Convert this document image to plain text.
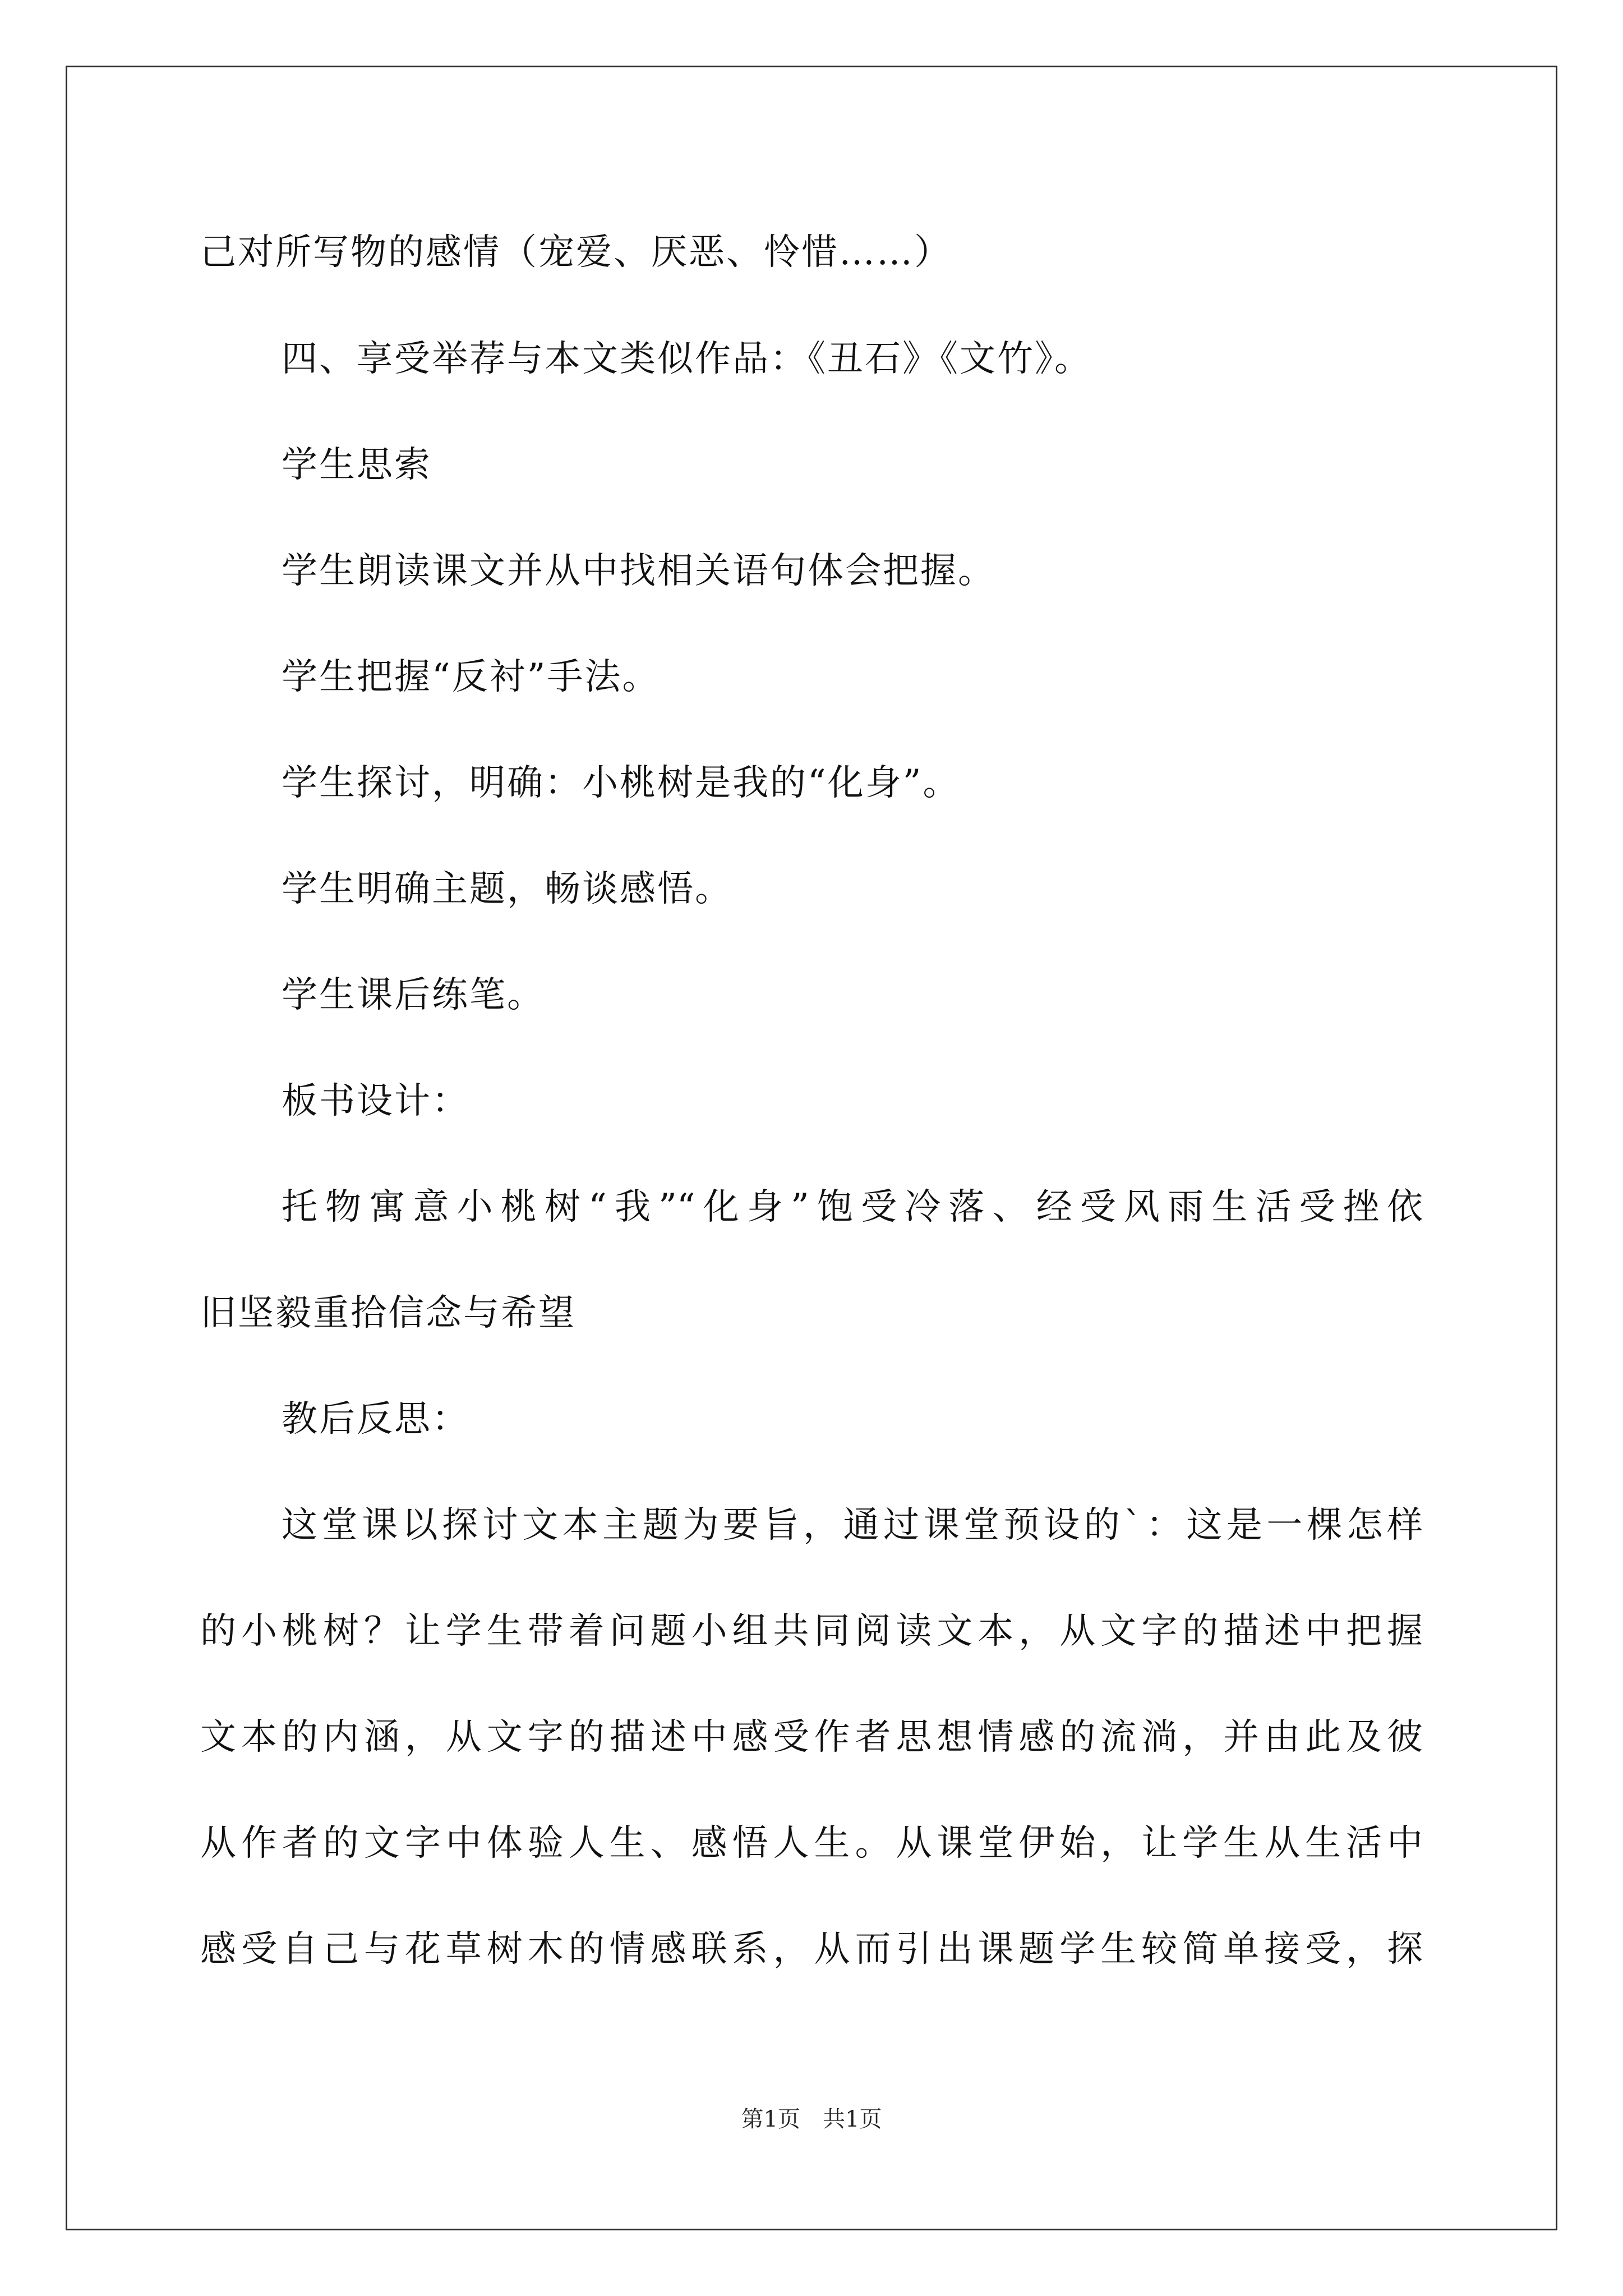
己对所写物的感情（宠爱、厌恶、怜惜……）
四、享受举荐与本文类似作品：《丑石》《文竹》。
学生思索
学生朗读课文并从中找相关语句体会把握。
学生把握“反衬”手法。
学生探讨，明确：小桃树是我的“化身”。
学生明确主题，畅谈感悟。
学生课后练笔。
板书设计：
托物寓意小桃树“我”“化身”饱受冷落、经受风雨生活受挫依
旧坚毅重拾信念与希望
教后反思：
这堂课以探讨文本主题为要旨，通过课堂预设的`：这是一棵怎样
的小桃树？让学生带着问题小组共同阅读文本，从文字的描述中把握
文本的内涵，从文字的描述中感受作者思想情感的流淌，并由此及彼
从作者的文字中体验人生、感悟人生。从课堂伊始，让学生从生活中
感受自己与花草树木的情感联系，从而引出课题学生较简单接受，探
第1页　共1页
